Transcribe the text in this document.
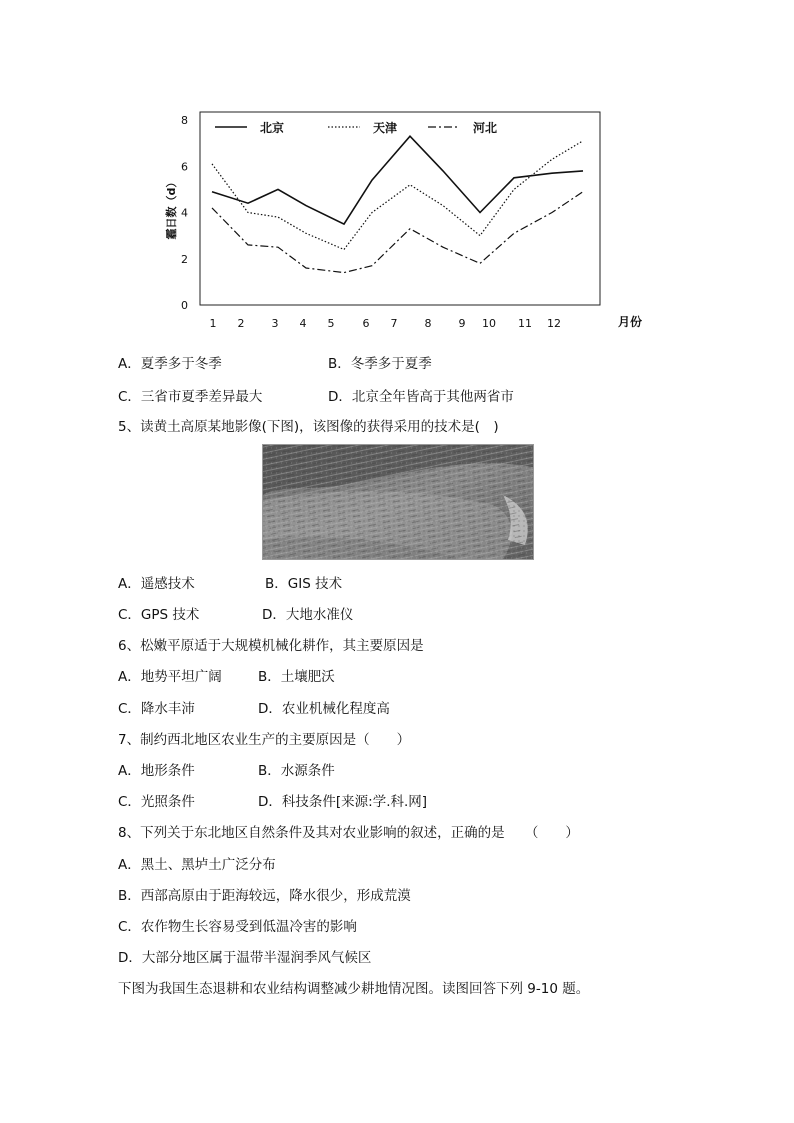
0
2
4
6
8
1 2 3 4 5	6 7 8 9 10 11 12
霾日数（d）
月份
北京	天津	河北
A．夏季多于冬季	B．冬季多于夏季
C．三省市夏季差异最大	D．北京全年皆高于其他两省市
5、读黄土高原某地影像(下图)，该图像的获得采用的技术是(　)
A．遥感技术	B．GIS 技术
C．GPS 技术	D．大地水准仪
6、松嫩平原适于大规模机械化耕作，其主要原因是
A．地势平坦广阔	B．土壤肥沃
C．降水丰沛	D．农业机械化程度高
7、制约西北地区农业生产的主要原因是（　　）
A．地形条件	B．水源条件
C．光照条件	D．科技条件[来源:学.科.网]
8、下列关于东北地区自然条件及其对农业影响的叙述，正确的是　　（　　）
A．黑土、黑垆土广泛分布
B．西部高原由于距海较远，降水很少，形成荒漠
C．农作物生长容易受到低温冷害的影响
D．大部分地区属于温带半湿润季风气候区
下图为我国生态退耕和农业结构调整减少耕地情况图。读图回答下列 9-10 题。
